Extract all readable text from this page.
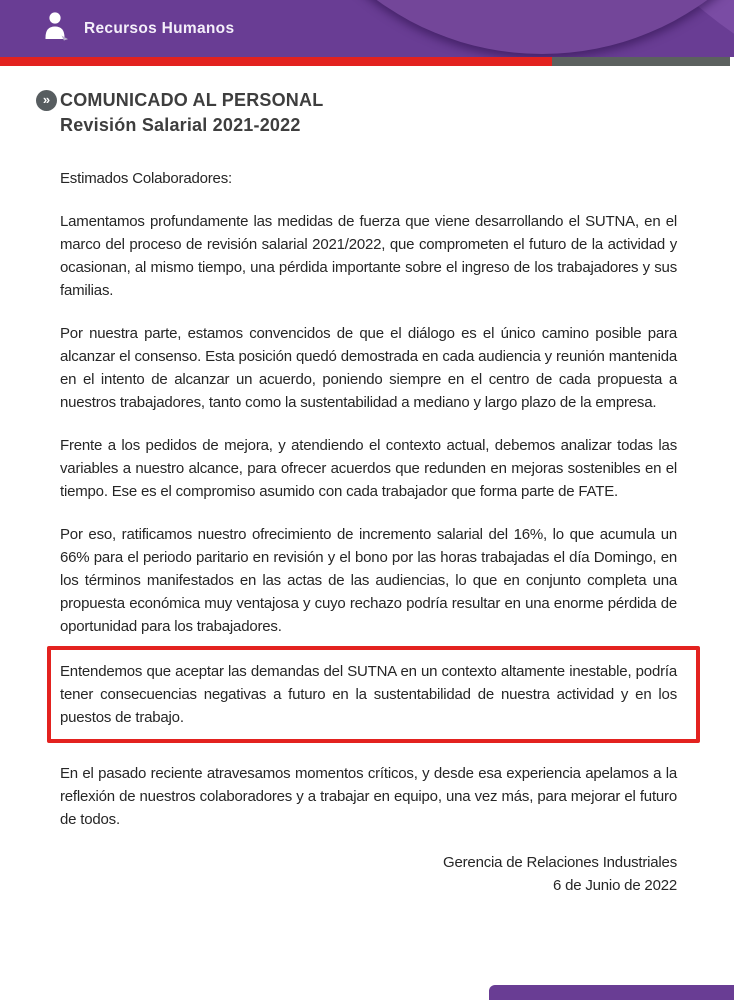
Recursos Humanos
» COMUNICADO AL PERSONAL
Revisión Salarial 2021-2022

Estimados Colaboradores:

Lamentamos profundamente las medidas de fuerza que viene desarrollando el SUTNA, en el marco del proceso de revisión salarial 2021/2022, que comprometen el futuro de la actividad y ocasionan, al mismo tiempo, una pérdida importante sobre el ingreso de los trabajadores y sus familias.

Por nuestra parte, estamos convencidos de que el diálogo es el único camino posible para alcanzar el consenso. Esta posición quedó demostrada en cada audiencia y reunión mantenida en el intento de alcanzar un acuerdo, poniendo siempre en el centro de cada propuesta a nuestros trabajadores, tanto como la sustentabilidad a mediano y largo plazo de la empresa.

Frente a los pedidos de mejora, y atendiendo el contexto actual, debemos analizar todas las variables a nuestro alcance, para ofrecer acuerdos que redunden en mejoras sostenibles en el tiempo. Ese es el compromiso asumido con cada trabajador que forma parte de FATE.

Por eso, ratificamos nuestro ofrecimiento de incremento salarial del 16%, lo que acumula un 66% para el periodo paritario en revisión y el bono por las horas trabajadas el día Domingo, en los términos manifestados en las actas de las audiencias, lo que en conjunto completa una propuesta económica muy ventajosa y cuyo rechazo podría resultar en una enorme pérdida de oportunidad para los trabajadores.

Entendemos que aceptar las demandas del SUTNA en un contexto altamente inestable, podría tener consecuencias negativas a futuro en la sustentabilidad de nuestra actividad y en los puestos de trabajo.

En el pasado reciente atravesamos momentos críticos, y desde esa experiencia apelamos a la reflexión de nuestros colaboradores y a trabajar en equipo, una vez más, para mejorar el futuro de todos.

Gerencia de Relaciones Industriales
6 de Junio de 2022
